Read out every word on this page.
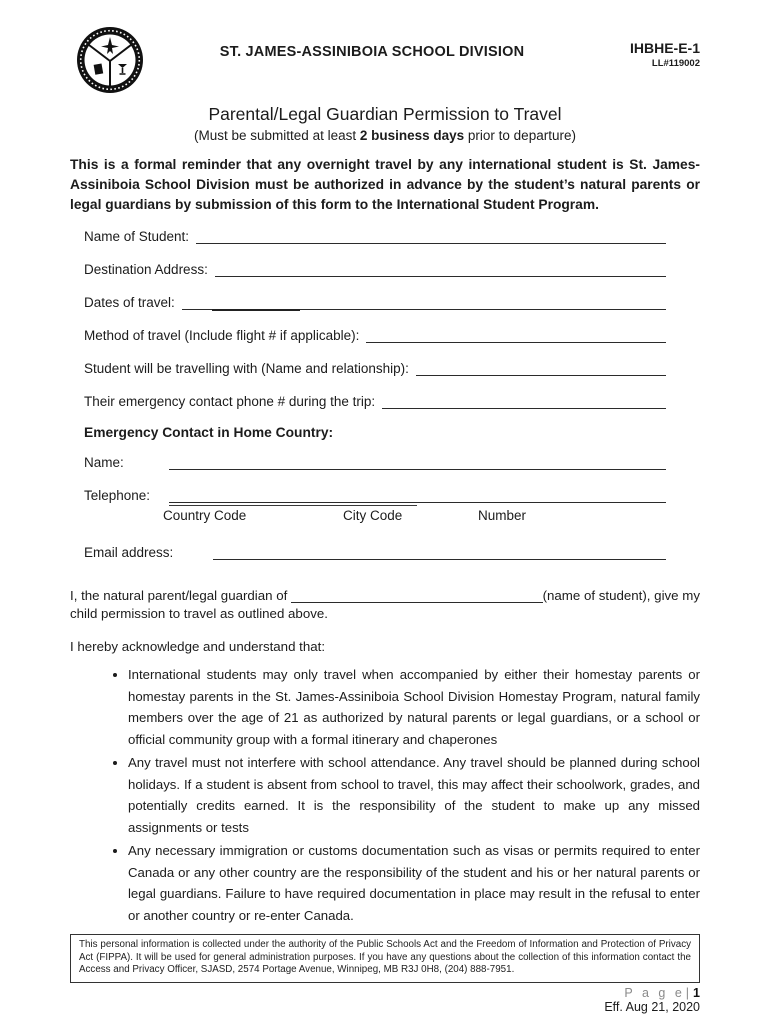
ST. JAMES-ASSINIBOIA SCHOOL DIVISION	IHBHE-E-1
LL#119002
Parental/Legal Guardian Permission to Travel
(Must be submitted at least 2 business days prior to departure)
This is a formal reminder that any overnight travel by any international student is St. James-Assiniboia School Division must be authorized in advance by the student’s natural parents or legal guardians by submission of this form to the International Student Program.
Name of Student:
Destination Address:
Dates of travel:
Method of travel (Include flight # if applicable):
Student will be travelling with (Name and relationship):
Their emergency contact phone # during the trip:
Emergency Contact in Home Country:
Name:
Telephone:
Country Code	City Code	Number
Email address:
I, the natural parent/legal guardian of	(name of student), give my
child permission to travel as outlined above.
I hereby acknowledge and understand that:
• International students may only travel when accompanied by either their homestay parents or homestay parents in the St. James-Assiniboia School Division Homestay Program, natural family members over the age of 21 as authorized by natural parents or legal guardians, or a school or official community group with a formal itinerary and chaperones
• Any travel must not interfere with school attendance. Any travel should be planned during school holidays. If a student is absent from school to travel, this may affect their schoolwork, grades, and potentially credits earned. It is the responsibility of the student to make up any missed assignments or tests
• Any necessary immigration or customs documentation such as visas or permits required to enter Canada or any other country are the responsibility of the student and his or her natural parents or legal guardians. Failure to have required documentation in place may result in the refusal to enter or another country or re-enter Canada.
This personal information is collected under the authority of the Public Schools Act and the Freedom of Information and Protection of Privacy Act (FIPPA). It will be used for general administration purposes. If you have any questions about the collection of this information contact the Access and Privacy Officer, SJASD, 2574 Portage Avenue, Winnipeg, MB R3J 0H8, (204) 888-7951.
P a g e| 1
Eff. Aug 21, 2020
